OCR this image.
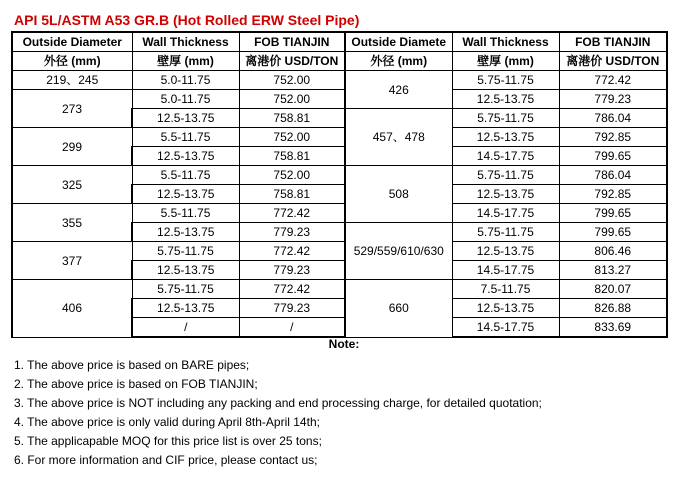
API 5L/ASTM A53 GR.B (Hot Rolled ERW Steel Pipe)
Outside Diameter	Wall Thickness	FOB TIANJIN	Outside Diamete	Wall Thickness	FOB TIANJIN
外径 (mm)	壁厚 (mm)	离港价 USD/TON	外径 (mm)	壁厚 (mm)	离港价 USD/TON
219、245	5.0-11.75	752.00	426	5.75-11.75	772.42
273	5.0-11.75	752.00		12.5-13.75	779.23
	12.5-13.75	758.81	457、478	5.75-11.75	786.04
299	5.5-11.75	752.00		12.5-13.75	792.85
	12.5-13.75	758.81		14.5-17.75	799.65
325	5.5-11.75	752.00	508	5.75-11.75	786.04
	12.5-13.75	758.81		12.5-13.75	792.85
355	5.5-11.75	772.42		14.5-17.75	799.65
	12.5-13.75	779.23	529/559/610/630	5.75-11.75	799.65
377	5.75-11.75	772.42		12.5-13.75	806.46
	12.5-13.75	779.23		14.5-17.75	813.27
406	5.75-11.75	772.42	660	7.5-11.75	820.07
	12.5-13.75	779.23		12.5-13.75	826.88
	/	/		14.5-17.75	833.69
Note:
1. The above price is based on BARE pipes;
2. The above price is based on FOB TIANJIN;
3. The above price is NOT including any packing and end processing charge, for detailed quotation;
4. The above price is only valid during April 8th-April 14th;
5. The applicapable MOQ for this price list is over 25 tons;
6. For more information and CIF price, please contact us;
